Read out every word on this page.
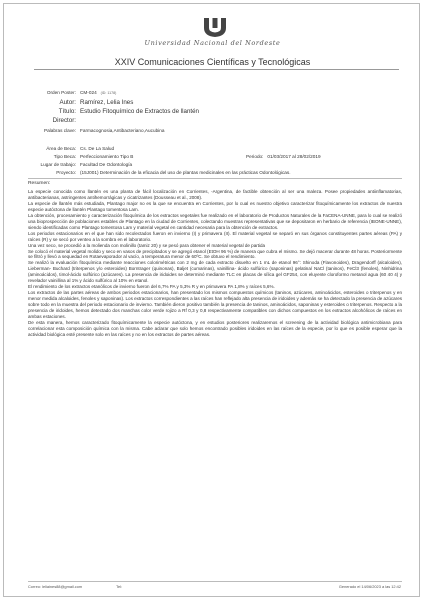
Universidad Nacional del Nordeste
XXIV Comunicaciones Científicas y Tecnológicas
Orden Poster: CM-024 (ID: 1178)
Autor: Ramírez, Lelia Ines
Título: Estudio Fitoquímico de Extractos de llantén
Director:
Palabras clave: Farmacognosia,Antibacteriano,Aucubina
Área de Beca: Cs. De La Salud
Tipo Beca: Perfeccionamiento Tipo B	Periodo: 01/03/2017 al 28/02/2019
Lugar de trabajo: Facultad De Odontología
Proyecto: (15J001) Determinación de la eficacia del uso de plantas medicinales en las prácticas Odontológicas.
Resumen:

La especie conocida como llantén es una planta de fácil localización en Corrientes, -Argentina, de factible obtención al ser una maleza. Posee propiedades antiinflamatorias, antibacterianas, astringentes antihemorrágicas y cicatrizantes (Dousseau et al., 2008).

La especie de llantén más estudiada, Plantago major no es la que se encuentra en Corrientes, por lo cual es nuestro objetivo caracterizar fitoquímicamente los extractos de nuestra especie autóctona de llantén Plantago tomentosa Lam.

La obtención, procesamiento y caracterización fitoquímica de los extractos vegetales fue realizado en el laboratorio de Productos Naturales de la FaCENA-UNNE, para lo cual se realizó una bioprospección de poblaciones estables de Plantago en la ciudad de Corrientes, colectando muestras representativas que se depositaron en herbario de referencia (IBONE-UNNE), siendo identificadas como Plantago tomentosa Lam y material vegetal en cantidad necesaria para la obtención de extractos.

Los periodos estacionarios en el que han sido recolectados fueron en invierno (I) y primavera (II). El material vegetal se separó en sus órganos constituyentes partes aéreas (PA) y raíces (R) y se secó por venteo a la sombra en el laboratorio.

Una vez seco, se procedió a la molienda con molinillo (tamiz 20) y se pesó para obtener el material vegetal de partida

Se colocó el material vegetal molido y seco en vasos de precipitados y se agregó etanol (EtOH 96 %) de manera que cubra el mismo. Se dejó macerar durante 48 horas. Posteriormente se filtró y llevó a sequedad en Rotaevaporador al vacío, a temperatura menor de 60ºC. Se obtuvo el rendimiento.

Se realizó la evaluación fitoquímica mediante reacciones colorimétricas con 2 mg de cada extracto disuelto en 1 mL de etanol 96°: Shinoda (Flavonoides), Dragendorff (alcaloides), Lieberman- Buchard (triterpenos y/o esteroides) Borntrager (quinonas), Baljet (cumarinas), vainillina- ácido sulfúrico (saponinas) gelatina/ NaCl (taninos), FeCl3 (fenoles), Ninhidrina (aminoácidos), timol-ácido sulfúrico (azúcares). La presencia de iridoides se determinó mediante TLC en placas de sílica gel GF254, con eluyente cloroformo metanol agua (60 40 4) y revelador vainillina al 1% y ácido sulfúrico al 10% en etanol.

El rendimiento de los extractos etanólicos de invierno fueron del 6,7% PA y 5,3% R y en primavera PA 1,8% y raíces 5,6%.

Los extractos de las partes aéreas de ambos periodos estacionarios, han presentado los mismos compuestos químicos (taninos, azúcares, aminoácidos, esteroides o triterpenos y en menor medida alcaloides, fenoles y saponinas). Los extractos correspondientes a las raíces han reflejado alta presencia de iridoides y además se ha detectado la presencia de azúcares sobre todo en la muestra del periodo estacionario de invierno. También dieron positivo también la presencia de taninos, aminoácidos, saponinas y esteroides o triterpenos. Respecto a la presencia de iridoides, hemos detectado dos manchas color verde rojizo a Rf 0,3 y 0,8 respectivamente compatibles con dichos compuestos en los extractos alcohólicos de raíces en ambas estaciones.

De esta manera, hemos caracterizado fitoquímicamente la especie autóctona, y en estudios posteriores realizaremos el screening de la actividad biológica antimicrobiana para correlacionar esta composición química con la misma. Cabe aclarar que solo hemos encontrado posibles iridoides en las raíces de la especie, por lo que es posible esperar que la actividad biológica esté presente solo en las raíces y no en los extractos de partes aéreas.

Correo: leliaines88@gmail.com	Tel:	Generado el 14/06/2023 a las 12:42
